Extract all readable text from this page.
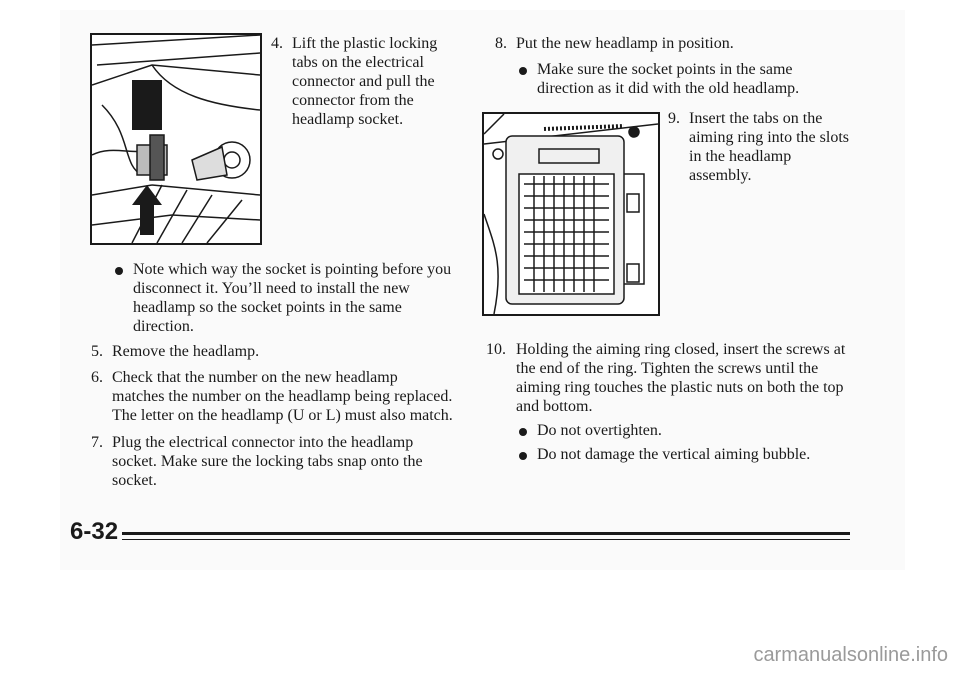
4. Lift the plastic locking
tabs on the electrical
connector and pull the
connector from the
headlamp socket.
Note which way the socket is pointing before you
disconnect it. You’ll need to install the new
headlamp so the socket points in the same
direction.
5. Remove the headlamp.
6. Check that the number on the new headlamp
matches the number on the headlamp being replaced.
The letter on the headlamp (U or L) must also match.
7. Plug the electrical connector into the headlamp
socket. Make sure the locking tabs snap onto the
socket.
8. Put the new headlamp in position.
Make sure the socket points in the same
direction as it did with the old headlamp.
9. Insert the tabs on the
aiming ring into the slots
in the headlamp
assembly.
10. Holding the aiming ring closed, insert the screws at
the end of the ring. Tighten the screws until the
aiming ring touches the plastic nuts on both the top
and bottom.
Do not overtighten.
Do not damage the vertical aiming bubble.
6-32
carmanualsonline.info
